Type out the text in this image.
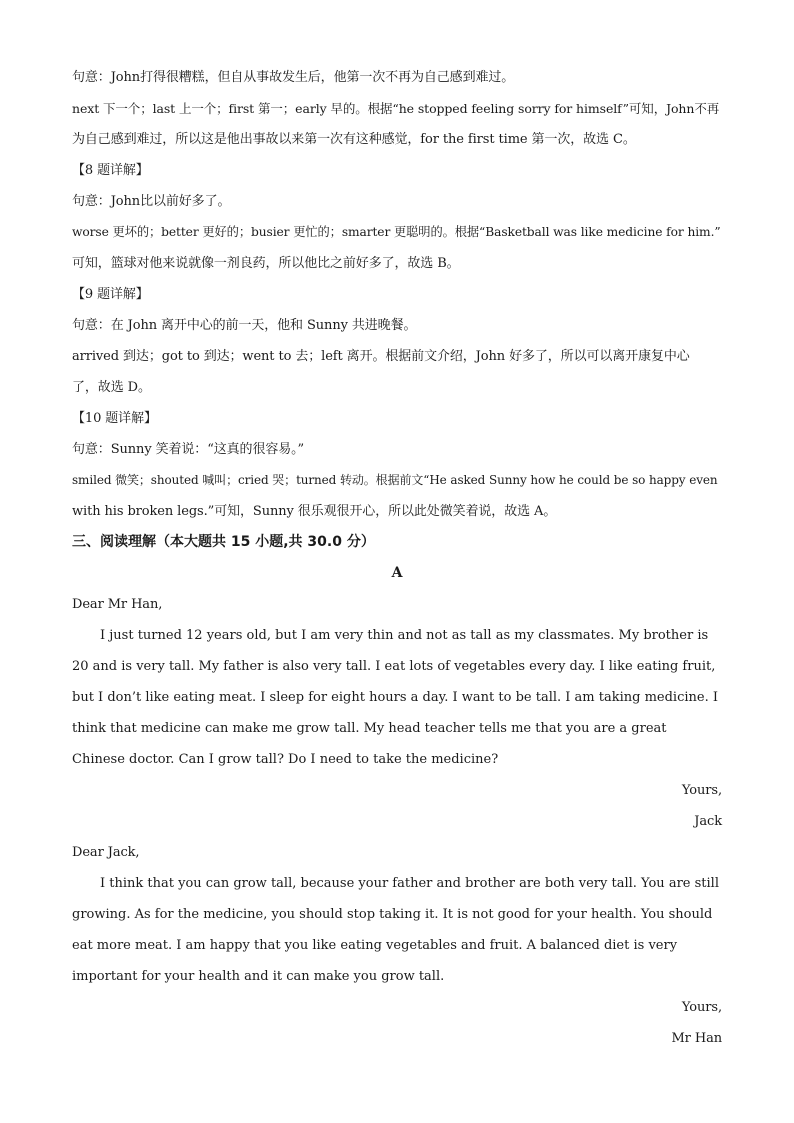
句意：John打得很糟糕，但自从事故发生后，他第一次不再为自己感到难过。
next 下一个；last 上一个；first 第一；early 早的。根据“he stopped feeling sorry for himself”可知，John不再
为自己感到难过，所以这是他出事故以来第一次有这种感觉，for the first time 第一次，故选 C。
【8 题详解】
句意：John比以前好多了。
worse 更坏的；better 更好的；busier 更忙的；smarter 更聪明的。根据“Basketball was like medicine for him.”
可知，篮球对他来说就像一剂良药，所以他比之前好多了，故选 B。
【9 题详解】
句意：在 John 离开中心的前一天，他和 Sunny 共进晚餐。
arrived 到达；got to 到达；went to 去；left 离开。根据前文介绍，John 好多了，所以可以离开康复中心
了，故选 D。
【10 题详解】
句意：Sunny 笑着说：“这真的很容易。”
smiled 微笑；shouted 喊叫；cried 哭；turned 转动。根据前文“He asked Sunny how he could be so happy even
with his broken legs.”可知，Sunny 很乐观很开心，所以此处微笑着说，故选 A。
三、阅读理解（本大题共 15 小题,共 30.0 分）
A
Dear Mr Han,
I just turned 12 years old, but I am very thin and not as tall as my classmates. My brother is 20 and is very tall. My father is also very tall. I eat lots of vegetables every day. I like eating fruit, but I don’t like eating meat. I sleep for eight hours a day. I want to be tall. I am taking medicine. I think that medicine can make me grow tall. My head teacher tells me that you are a great Chinese doctor. Can I grow tall? Do I need to take the medicine?
Yours,
Jack
Dear Jack,
I think that you can grow tall, because your father and brother are both very tall. You are still growing. As for the medicine, you should stop taking it. It is not good for your health. You should eat more meat. I am happy that you like eating vegetables and fruit. A balanced diet is very important for your health and it can make you grow tall.
Yours,
Mr Han
